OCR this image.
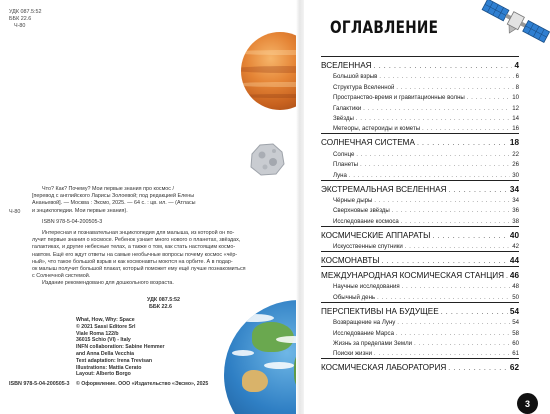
УДК 087.5:52
ББК 22.6
Ч-80
Ч-80
Что? Как? Почему? Мои первые знания про космос /
[перевод с английского Ларисы Золоевой; под редакцией Елены
Ананьевой]. — Москва : Эксмо, 2025. — 64 с. : цв. ил. — (Атласы
и энциклопедии. Мои первые знания).
ISBN 978-5-04-200505-3
Интересная и познавательная энциклопедия для малыша, из которой он по-
лучит первые знания о космосе. Ребенок узнает много нового о планетах, звёздах,
галактиках, и другие небесные телах, а также о том, как стать настоящим космо-
навтом. Ещё его ждут ответы на самые необычные вопросы почему космос «чёр-
ный», что такое большой взрыв и как космонавты моются на орбите. А в подар-
ок малыш получит большой плакат, который поможет ему ещё лучше познакомиться
с Солнечной системой.
Издание рекомендовано для дошкольного возраста.
УДК 087.5:52
ББК 22.6
What, How, Why: Space
© 2021 Sassi Editore Srl
Viale Roma 122/b
36015 Schio (VI) - Italy
INFN collaboration: Sabine Hemmer
and Anna Della Vecchia
Text adaptation: Irena Trevisan
Illustrations: Mattia Cerato
Layout: Alberto Borgo
ISBN 978-5-04-200505-3 © Оформление. ООО «Издательство «Эксмо», 2025
ОГЛАВЛЕНИЕ
ВСЕЛЕННАЯ . . .	4
Большой взрыв . . .	6
Структура Вселенной . . .	8
Пространство-время и гравитационные волны . . .	10
Галактики . . .	12
Звёзды . . .	14
Метеоры, астероиды и кометы . . .	16
СОЛНЕЧНАЯ СИСТЕМА . . .	18
Солнце . . .	22
Планеты . . .	26
Луна . . .	30
ЭКСТРЕМАЛЬНАЯ ВСЕЛЕННАЯ . . .	34
Чёрные дыры . . .	34
Сверхновые звёзды . . .	36
Исследование космоса . . .	38
КОСМИЧЕСКИЕ АППАРАТЫ . . .	40
Искусственные спутники . . .	42
КОСМОНАВТЫ . . .	44
МЕЖДУНАРОДНАЯ КОСМИЧЕСКАЯ СТАНЦИЯ . . . 46
Научные исследования . . .	48
Обычный день . . .	50
ПЕРСПЕКТИВЫ НА БУДУЩЕЕ . . .	54
Возвращение на Луну . . .	54
Исследование Марса . . .	58
Жизнь за пределами Земли . . .	60
Поиски жизни . . .	61
КОСМИЧЕСКАЯ ЛАБОРАТОРИЯ . . .	62
3
